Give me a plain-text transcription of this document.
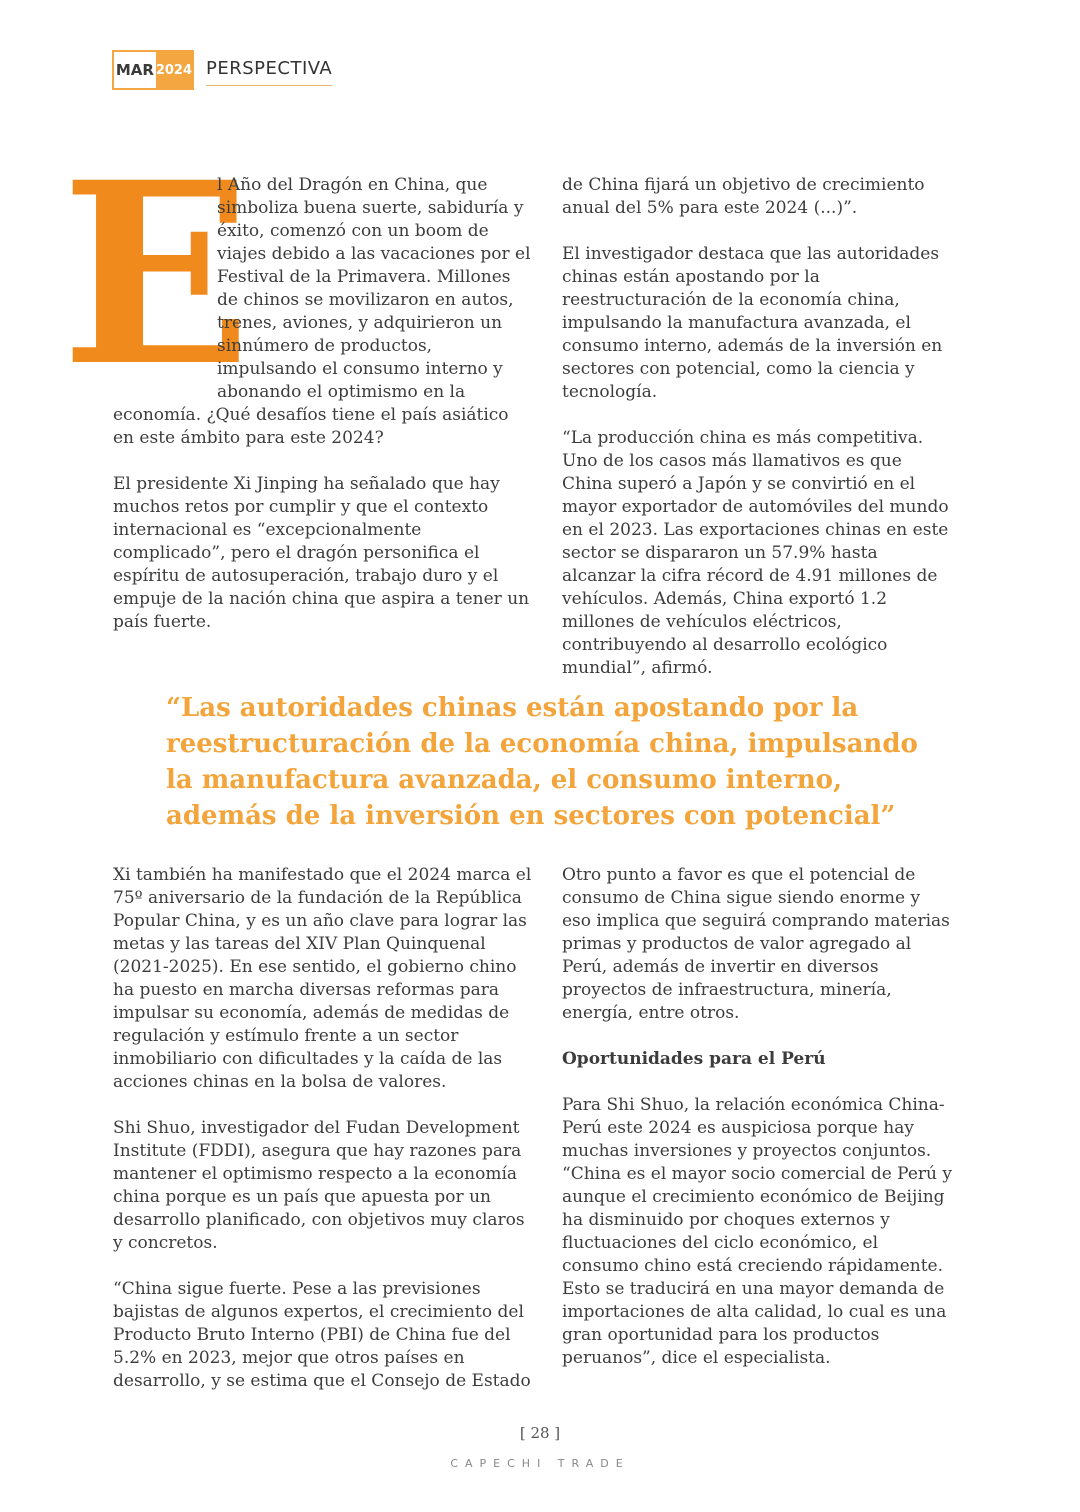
MAR 2024 PERSPECTIVA

E
l Año del Dragón en China, que simboliza buena suerte, sabiduría y éxito, comenzó con un boom de viajes debido a las vacaciones por el Festival de la Primavera. Millones de chinos se movilizaron en autos, trenes, aviones, y adquirieron un sinnúmero de productos, impulsando el consumo interno y abonando el optimismo en la economía. ¿Qué desafíos tiene el país asiático en este ámbito para este 2024?

El presidente Xi Jinping ha señalado que hay muchos retos por cumplir y que el contexto internacional es “excepcionalmente complicado”, pero el dragón personifica el espíritu de autosuperación, trabajo duro y el empuje de la nación china que aspira a tener un país fuerte.

de China fijará un objetivo de crecimiento anual del 5% para este 2024 (...)”.

El investigador destaca que las autoridades chinas están apostando por la reestructuración de la economía china, impulsando la manufactura avanzada, el consumo interno, además de la inversión en sectores con potencial, como la ciencia y tecnología.

“La producción china es más competitiva. Uno de los casos más llamativos es que China superó a Japón y se convirtió en el mayor exportador de automóviles del mundo en el 2023. Las exportaciones chinas en este sector se dispararon un 57.9% hasta alcanzar la cifra récord de 4.91 millones de vehículos. Además, China exportó 1.2 millones de vehículos eléctricos, contribuyendo al desarrollo ecológico mundial”, afirmó.

“Las autoridades chinas están apostando por la reestructuración de la economía china, impulsando la manufactura avanzada, el consumo interno, además de la inversión en sectores con potencial”

Xi también ha manifestado que el 2024 marca el 75º aniversario de la fundación de la República Popular China, y es un año clave para lograr las metas y las tareas del XIV Plan Quinquenal (2021-2025). En ese sentido, el gobierno chino ha puesto en marcha diversas reformas para impulsar su economía, además de medidas de regulación y estímulo frente a un sector inmobiliario con dificultades y la caída de las acciones chinas en la bolsa de valores.

Shi Shuo, investigador del Fudan Development Institute (FDDI), asegura que hay razones para mantener el optimismo respecto a la economía china porque es un país que apuesta por un desarrollo planificado, con objetivos muy claros y concretos.

“China sigue fuerte. Pese a las previsiones bajistas de algunos expertos, el crecimiento del Producto Bruto Interno (PBI) de China fue del 5.2% en 2023, mejor que otros países en desarrollo, y se estima que el Consejo de Estado

Otro punto a favor es que el potencial de consumo de China sigue siendo enorme y eso implica que seguirá comprando materias primas y productos de valor agregado al Perú, además de invertir en diversos proyectos de infraestructura, minería, energía, entre otros.

Oportunidades para el Perú

Para Shi Shuo, la relación económica China-Perú este 2024 es auspiciosa porque hay muchas inversiones y proyectos conjuntos. “China es el mayor socio comercial de Perú y aunque el crecimiento económico de Beijing ha disminuido por choques externos y fluctuaciones del ciclo económico, el consumo chino está creciendo rápidamente. Esto se traducirá en una mayor demanda de importaciones de alta calidad, lo cual es una gran oportunidad para los productos peruanos”, dice el especialista.

[ 28 ]
CAPECHI TRADE
